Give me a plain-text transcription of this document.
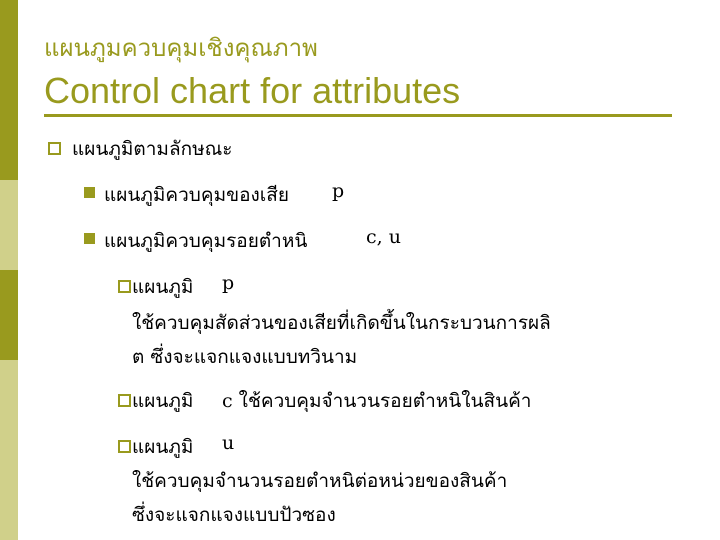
แผนภูมควบคุมเชิงคุณภาพ
Control chart for attributes
แผนภูมิตามลักษณะ
แผนภูมิควบคุมของเสีย p
แผนภูมิควบคุมรอยตำหนิ	c, u
แผนภูมิ p
ใช้ควบคุมสัดส่วนของเสียที่เกิดขึ้นในกระบวนการผลิ
ต ซึ่งจะแจกแจงแบบทวินาม
แผนภูมิ c ใช้ควบคุมจำนวนรอยตำหนิในสินค้า
แผนภูมิ u
ใช้ควบคุมจำนวนรอยตำหนิต่อหน่วยของสินค้า
ซึ่งจะแจกแจงแบบปัวซอง
